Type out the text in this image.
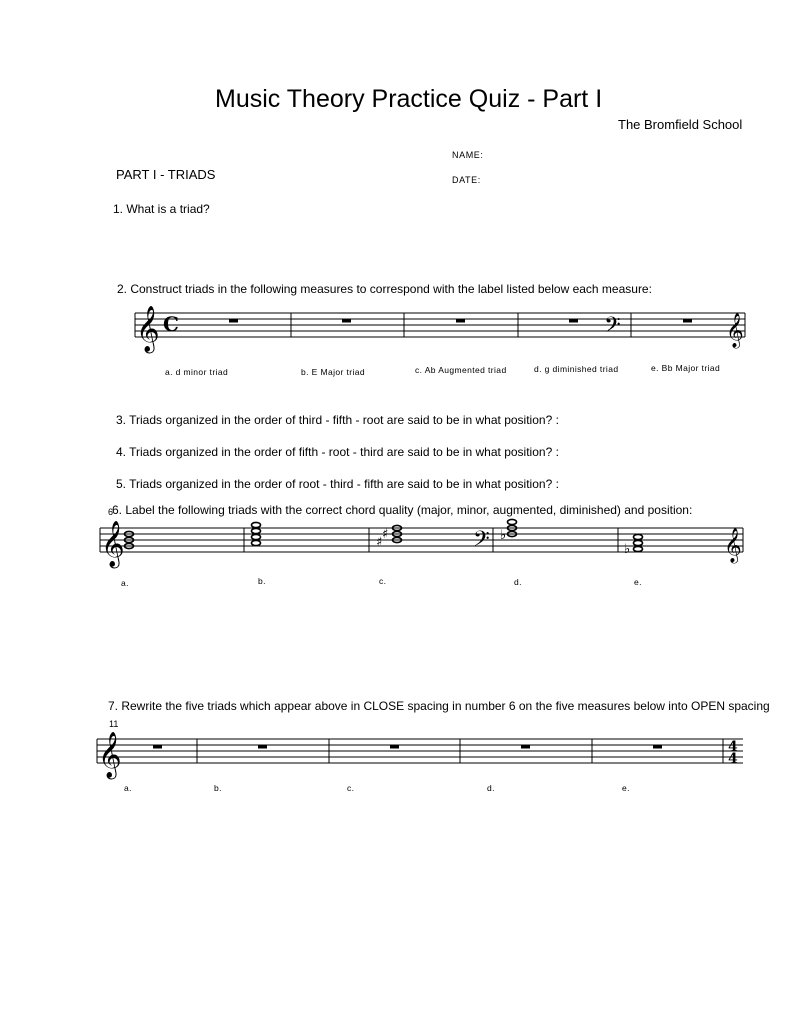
Music Theory Practice Quiz - Part I
The Bromfield School
NAME:
DATE:
PART I - TRIADS
1. What is a triad?
2. Construct triads in the following measures to correspond with the label listed below each measure:
𝄞 C	𝄢	𝄞
a. d minor triad	b. E Major triad	c. Ab Augmented triad	d. g diminished triad	e. Bb Major triad
3. Triads organized in the order of third - fifth - root are said to be in what position? :
4. Triads organized in the order of fifth - root - third are said to be in what position? :
5. Triads organized in the order of root - third - fifth are said to be in what position? :
6. Label the following triads with the correct chord quality (major, minor, augmented, diminished) and position:
6
𝄞	♯
♯	𝄢 ♭
♭	𝄞
a.	b.	c.	d.	e.
7. Rewrite the five triads which appear above in CLOSE spacing in number 6 on the five measures below into OPEN spacing
11
𝄞	4
4
a.	b.	c.	d.	e.
